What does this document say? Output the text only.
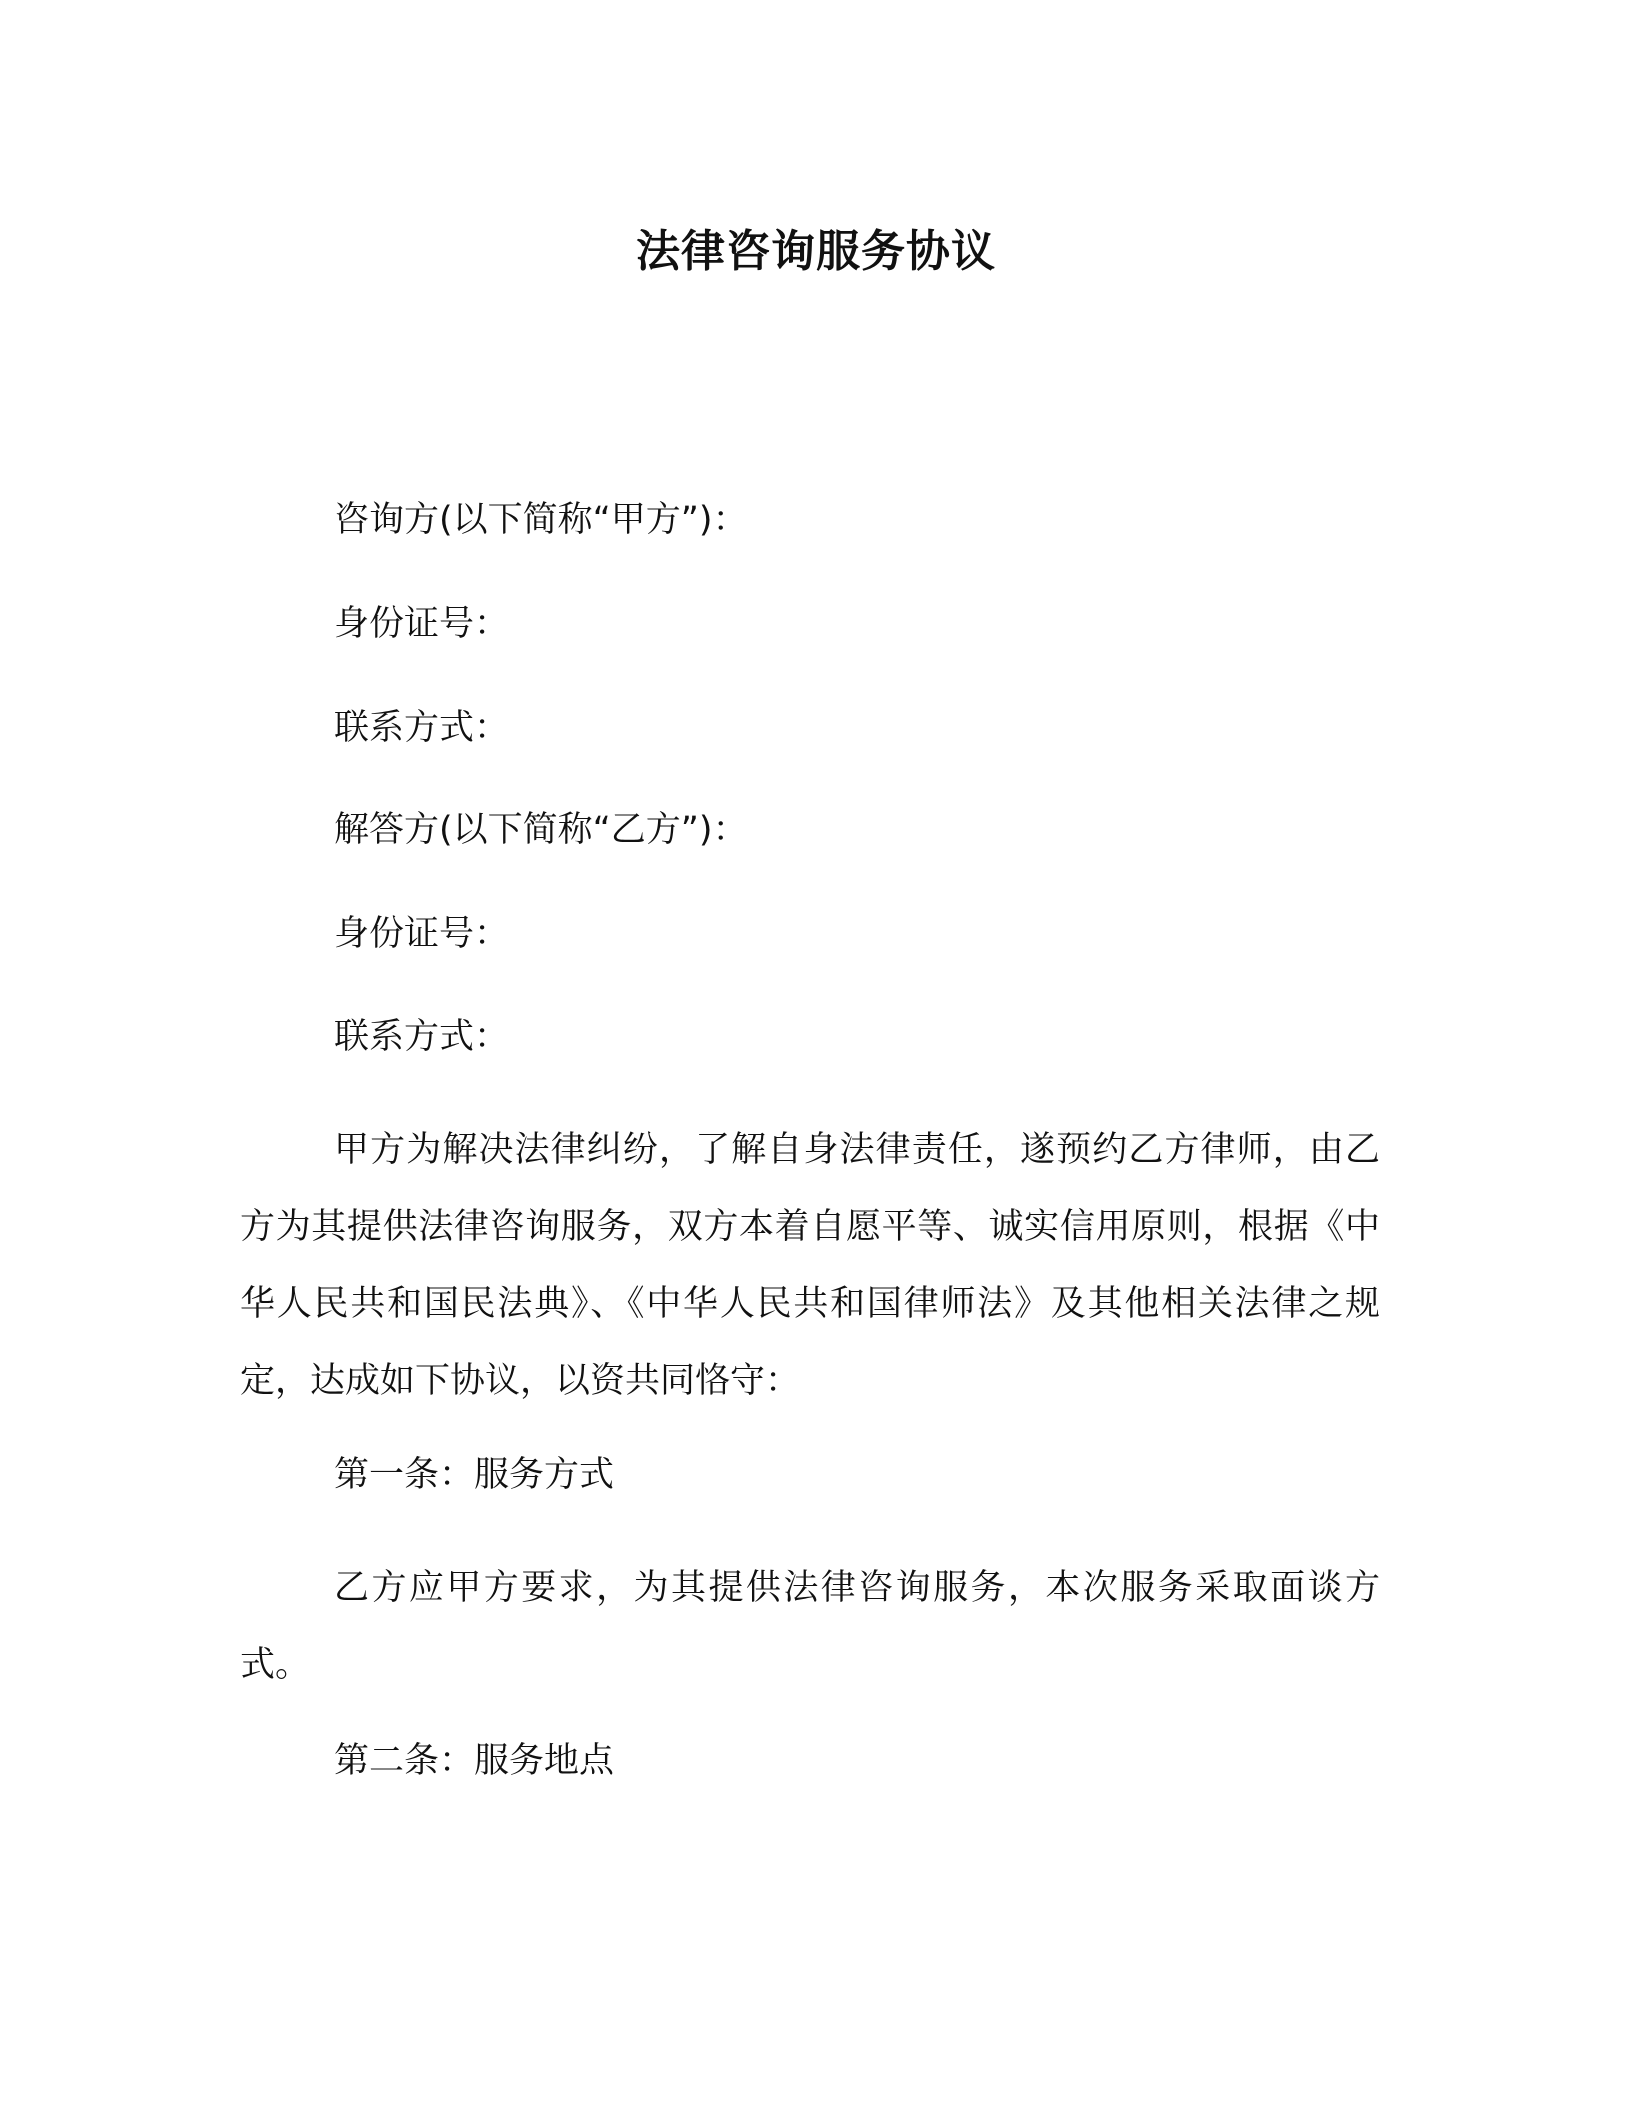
法律咨询服务协议
咨询方(以下简称“甲方”)：
身份证号：
联系方式：
解答方(以下简称“乙方”)：
身份证号：
联系方式：
甲方为解决法律纠纷，了解自身法律责任，遂预约乙方律师，由乙方为其提供法律咨询服务，双方本着自愿平等、诚实信用原则，根据《中华人民共和国民法典》、《中华人民共和国律师法》及其他相关法律之规定，达成如下协议，以资共同恪守：
第一条：服务方式
乙方应甲方要求，为其提供法律咨询服务，本次服务采取面谈方式。
第二条：服务地点
